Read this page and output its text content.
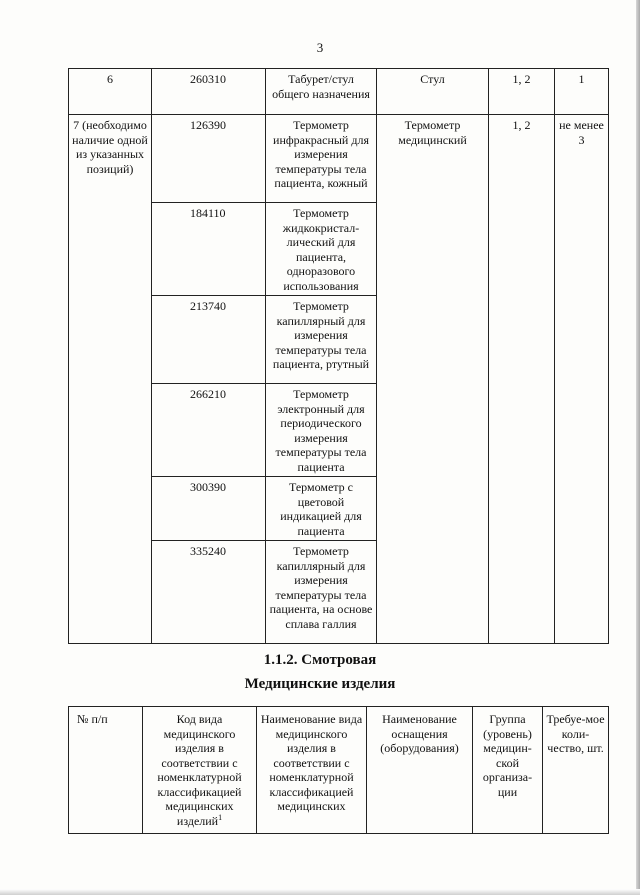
3
6	260310	Табурет/стул общего назначения	Стул	1, 2	1
7 (необходимо наличие одной из указанных позиций)	126390	Термометр инфракрасный для измерения температуры тела пациента, кожный	Термометр медицинский	1, 2	не менее 3
	184110	Термометр жидкокристал-лический для пациента, одноразового использования			
	213740	Термометр капиллярный для измерения температуры тела пациента, ртутный			
	266210	Термометр электронный для периодического измерения температуры тела пациента			
	300390	Термометр с цветовой индикацией для пациента			
	335240	Термометр капиллярный для измерения температуры тела пациента, на основе сплава галлия			
1.1.2. Смотровая
Медицинские изделия
№ п/п	Код вида медицинского изделия в соответствии с номенклатурной классификацией медицинских изделий$^1$	Наименование вида медицинского изделия в соответствии с номенклатурной классификацией медицинских	Наименование оснащения (оборудования)	Группа (уровень) медицин-ской организа-ции	Требуе-мое коли-чество, шт.
